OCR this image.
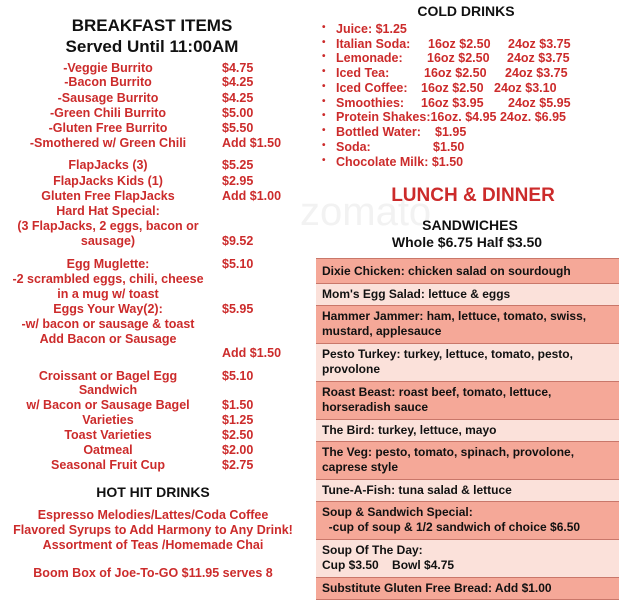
zomato
BREAKFAST ITEMS
Served Until 11:00AM
-Veggie Burrito	$4.75
-Bacon Burrito	$4.25
-Sausage Burrito	$4.25
-Green Chili Burrito	$5.00
-Gluten Free Burrito	$5.50
-Smothered w/ Green Chili	Add $1.50
FlapJacks (3)	$5.25
FlapJacks Kids (1)	$2.95
Gluten Free FlapJacks	Add $1.00
Hard Hat Special:
(3 FlapJacks, 2 eggs, bacon or
sausage)	$9.52
Egg Muglette:	$5.10
-2 scrambled eggs, chili, cheese
in a mug w/ toast
Eggs Your Way(2):	$5.95
-w/ bacon or sausage & toast
Add Bacon or Sausage
Add $1.50
Croissant or Bagel Egg	$5.10
Sandwich
w/ Bacon or Sausage Bagel	$1.50
Varieties	$1.25
Toast Varieties	$2.50
Oatmeal	$2.00
Seasonal Fruit Cup	$2.75
HOT HIT DRINKS
Espresso Melodies/Lattes/Coda Coffee
Flavored Syrups to Add Harmony to Any Drink!
Assortment of Teas /Homemade Chai
Boom Box of Joe-To-GO $11.95 serves 8
COLD DRINKS
• Juice: $1.25
• Italian Soda: 16oz $2.50 24oz $3.75
• Lemonade: 16oz $2.50 24oz $3.75
• Iced Tea:	16oz $2.50 24oz $3.75
• Iced Coffee: 16oz $2.50 24oz $3.10
• Smoothies: 16oz $3.95 24oz $5.95
• Protein Shakes:16oz. $4.95 24oz. $6.95
• Bottled Water: $1.95
• Soda:	$1.50
• Chocolate Milk: $1.50
LUNCH & DINNER
SANDWICHES
Whole $6.75 Half $3.50
Dixie Chicken: chicken salad on sourdough
Mom's Egg Salad: lettuce & eggs
Hammer Jammer: ham, lettuce, tomato, swiss,
mustard, applesauce
Pesto Turkey: turkey, lettuce, tomato, pesto,
provolone
Roast Beast: roast beef, tomato, lettuce,
horseradish sauce
The Bird: turkey, lettuce, mayo
The Veg: pesto, tomato, spinach, provolone,
caprese style
Tune-A-Fish: tuna salad & lettuce
Soup & Sandwich Special:
-cup of soup & 1/2 sandwich of choice $6.50
Soup Of The Day:
Cup $3.50    Bowl $4.75
Substitute Gluten Free Bread: Add $1.00
